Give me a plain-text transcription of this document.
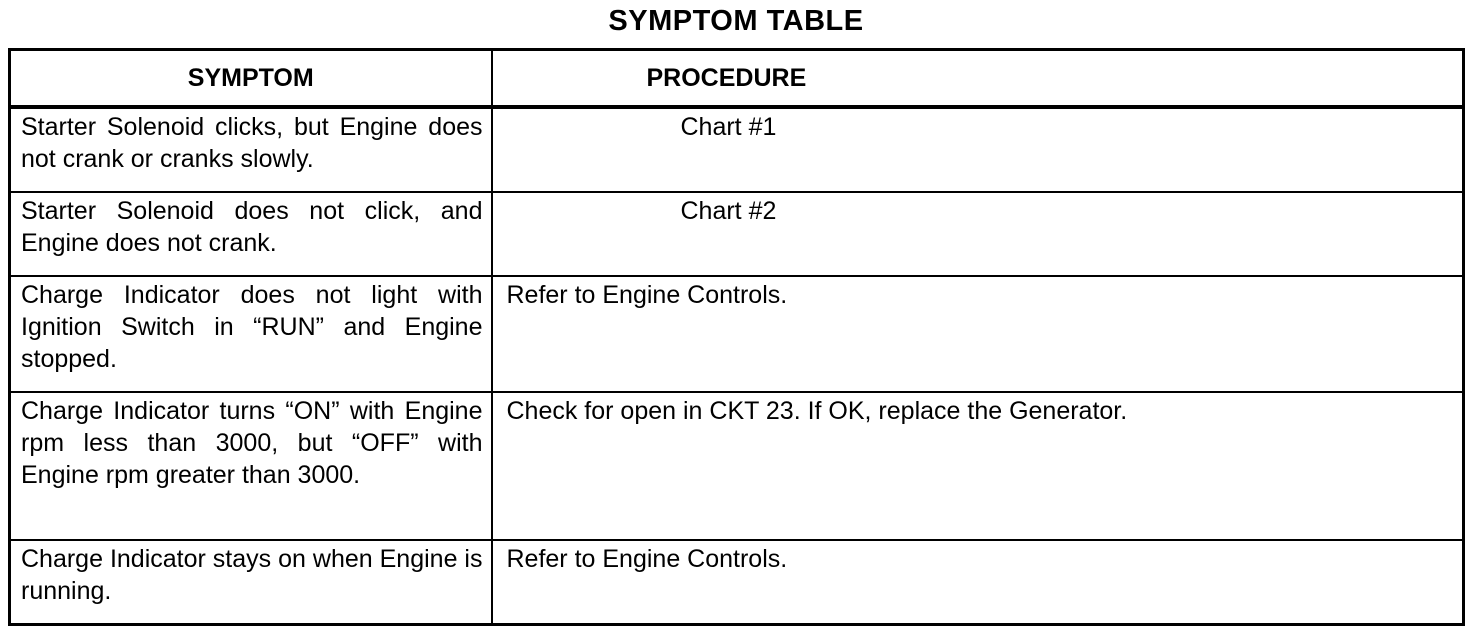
SYMPTOM TABLE
SYMPTOM	PROCEDURE
Starter Solenoid clicks, but Engine does not crank or cranks slowly.	Chart #1
Starter Solenoid does not click, and Engine does not crank.	Chart #2
Charge Indicator does not light with Ignition Switch in “RUN” and Engine stopped.	Refer to Engine Controls.
Charge Indicator turns “ON” with Engine rpm less than 3000, but “OFF” with Engine rpm greater than 3000.	Check for open in CKT 23. If OK, replace the Generator.
Charge Indicator stays on when Engine is running.	Refer to Engine Controls.
